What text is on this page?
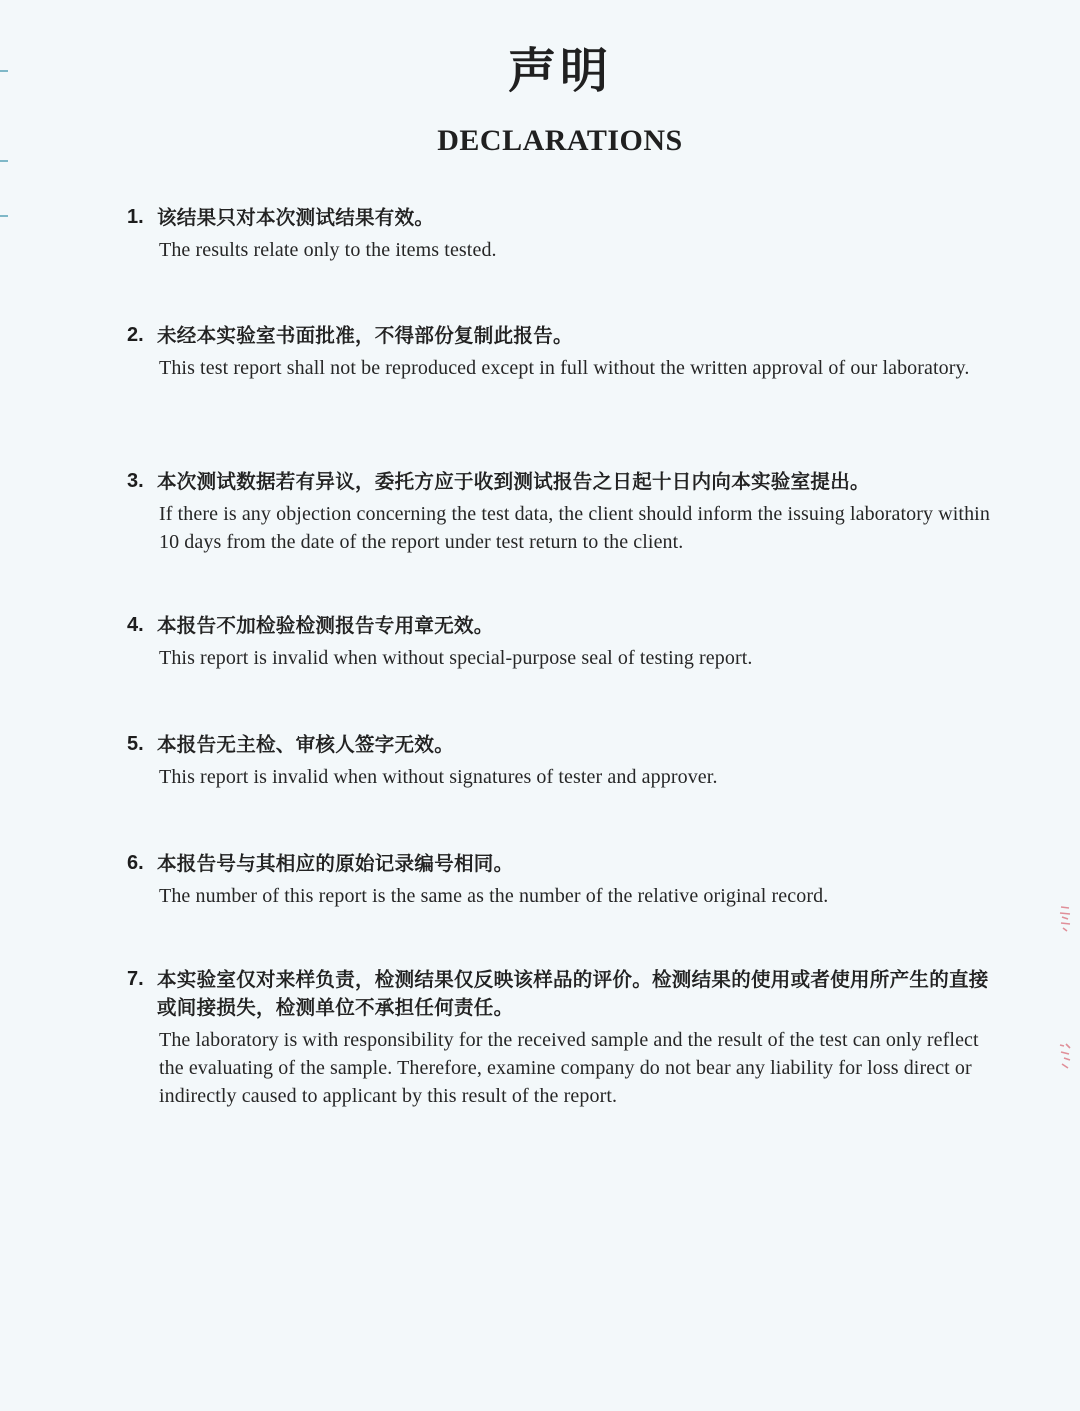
声明
DECLARATIONS
1. 该结果只对本次测试结果有效。
The results relate only to the items tested.
2. 未经本实验室书面批准，不得部份复制此报告。
This test report shall not be reproduced except in full without the written approval of our laboratory.
3. 本次测试数据若有异议，委托方应于收到测试报告之日起十日内向本实验室提出。
If there is any objection concerning the test data, the client should inform the issuing laboratory within 10 days from the date of the report under test return to the client.
4. 本报告不加检验检测报告专用章无效。
This report is invalid when without special-purpose seal of testing report.
5. 本报告无主检、审核人签字无效。
This report is invalid when without signatures of tester and approver.
6. 本报告号与其相应的原始记录编号相同。
The number of this report is the same as the number of the relative original record.
7. 本实验室仅对来样负责，检测结果仅反映该样品的评价。检测结果的使用或者使用所产生的直接或间接损失，检测单位不承担任何责任。
The laboratory is with responsibility for the received sample and the result of the test can only reflect the evaluating of the sample. Therefore, examine company do not bear any liability for loss direct or indirectly caused to applicant by this result of the report.
